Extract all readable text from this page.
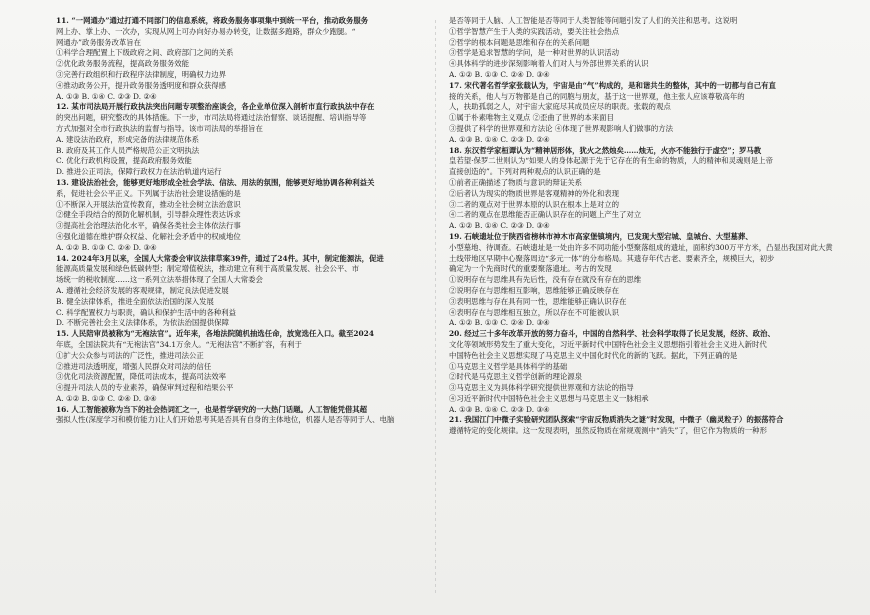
11. “一网通办”通过打通不同部门的信息系统，将政务服务事项集中到统一平台，推动政务服务
网上办、掌上办、一次办，实现从网上可办向好办易办转变，让数据多跑路，群众少跑腿。“
网通办”政务服务改革旨在
①科学合理配置上下级政府之间、政府部门之间的关系
②优化政务服务流程，提高政务服务效能
③完善行政组织和行政程序法律制度，明确权力边界
④推动政务公开，提升政务服务透明度和群众获得感
A. ①③ B. ①④ C. ②③ D. ②④
12. 某市司法局开展行政执法突出问题专项整治座谈会，各企业单位深入剖析市直行政执法中存在
的突出问题，研究整改的具体措施。下一步，市司法局将通过法治督察、谈话提醒、培训指导等
方式加强对全市行政执法的监督与指导。该市司法局的举措旨在
A. 建设法治政府，形成完备的法律规范体系
B. 政府及其工作人员严格规范公正文明执法
C. 优化行政机构设置，提高政府服务效能
D. 推进公正司法，保障行政权力在法治轨道内运行
13. 建设法治社会，能够更好地形成全社会学法、信法、用法的氛围，能够更好地协调各种利益关
系，促进社会公平正义。下列属于法治社会建设措施的是
①不断深入开展法治宣传教育，推动全社会树立法治意识
②健全手段结合的预防化解机制，引导群众理性表达诉求
③提高社会治理法治化水平，确保各类社会主体依法行事
④强化道德在维护群众权益、化解社会矛盾中的权威地位
A. ①② B. ①③ C. ②④ D. ③④
14. 2024年3月以来，全国人大常委会审议法律草案39件，通过了24件。其中，制定能源法，促进
能源高质量发展和绿色低碳转型；制定增值税法，推动建立有利于高质量发展、社会公平、市
场统一的税收制度……这一系列立法举措体现了全国人大常委会
A. 遵循社会经济发展的客观规律，制定良法促进发展
B. 健全法律体系，推进全面依法治国的深入发展
C. 科学配置权力与职责，确认和保护生活中的各种利益
D. 不断完善社会主义法律体系，为依法治国提供保障
15. 人民陪审员被称为“无袍法官”。近年来，各地法院随机抽选任命，放宽选任入口。截至2024
年底，全国法院共有“无袍法官”34.1万余人。“无袍法官”不断扩容，有利于
①扩大公众参与司法的广泛性，推进司法公正
②推进司法透明度，增强人民群众对司法的信任
③优化司法资源配置，降低司法成本，提高司法效率
④提升司法人员的专业素养，确保审判过程和结果公平
A. ①② B. ①③ C. ②④ D. ③④
16. 人工智能被称为当下的社会热词汇之一，也是哲学研究的一大热门话题。人工智能凭借其超
强拟人性(深度学习和模仿能力)让人们开始思考其是否具有自身的主体地位，机器人是否等同于人、电脑
是否等同于人脑、人工智能是否等同于人类智能等问题引发了人们的关注和思考。这说明
①哲学智慧产生于人类的实践活动，要关注社会热点
②哲学的根本问题是思维和存在的关系问题
③哲学是追求智慧的学问，是一种对世界的认识活动
④具体科学的进步深刻影响着人们对人与外部世界关系的认识
A. ①② B. ①③ C. ②④ D. ③④
17. 宋代著名哲学家张载认为，宇宙是由“气”构成的，是和谐共生的整体，其中的一切都与自己有直
接的关系，他人与万物都是自己的同胞与朋友，基于这一世界观，他主张人应该尊敬高年的
人，扶助孤弱之人，对宇宙大家庭尽其成员应尽的职责。张载的观点
①属于朴素唯物主义观点 ②歪曲了世界的本来面目
③提供了科学的世界观和方法论 ④体现了世界观影响人们做事的方法
A. ①③ B. ①④ C. ②③ D. ②④
18. 东汉哲学家桓谭认为“精神居形体，犹火之然烛矣……烛无，火亦不能独行于虚空”；罗马教
皇若望·保罗二世则认为“如果人的身体起源于先于它存在的有生命的物质，人的精神和灵魂则是上帝
直接创造的”。下列对两种观点的认识正确的是
①前者正确描述了物质与意识的辩证关系
②后者认为现实的物质世界是客观精神的外化和表现
③二者的观点对于世界本原的认识在根本上是对立的
④二者的观点在思维能否正确认识存在的问题上产生了对立
A. ①② B. ①④ C. ②③ D. ③④
19. 石峡遗址位于陕西省榜林市神木市高家堡镇境内，已发现大型宕城、皇城台、大型墓葬、
小型墓地、待调查。石峡遗址是一处由许多不同功能小型聚落组成的遗址，面积约300万平方米，凸显出我国对此大黄
土线带地区早期中心聚落周边“多元一体”的分布格局。其遗存年代古老、要素齐全，规模巨大，初步
确定为一个先商时代的重要聚落遗址。考古的发现
①说明存在与思维具有先后性，没有存在就没有存在的思维
②说明存在与思维相互影响，思维能够正确反映存在
③表明思维与存在具有同一性，思维能够正确认识存在
④表明存在与思维相互独立，所以存在不可能被认识
A. ①② B. ①③ C. ②④ D. ③④
20. 经过三十多年改革开放的努力奋斗，中国的自然科学、社会科学取得了长足发展，经济、政治、
文化等领域形势发生了重大变化，习近平新时代中国特色社会主义思想指引着社会主义进入新时代
中国特色社会主义思想实现了马克思主义中国化时代化的新的飞跃。据此，下列正确的是
①马克思主义哲学是具体科学的基础
②时代是马克思主义哲学创新的理论源泉
③马克思主义为具体科学研究提供世界观和方法论的指导
④习近平新时代中国特色社会主义思想与马克思主义一脉相承
A. ①③ B. ①④ C. ②③ D. ③④
21. 我国江门中微子实验研究团队探索“宇宙反物质消失之谜”时发现，中微子（幽灵粒子）的振荡符合
遵循特定的变化规律。这一发现表明，虽然反物质在常规观测中“消失”了，但它作为物质的一种形
